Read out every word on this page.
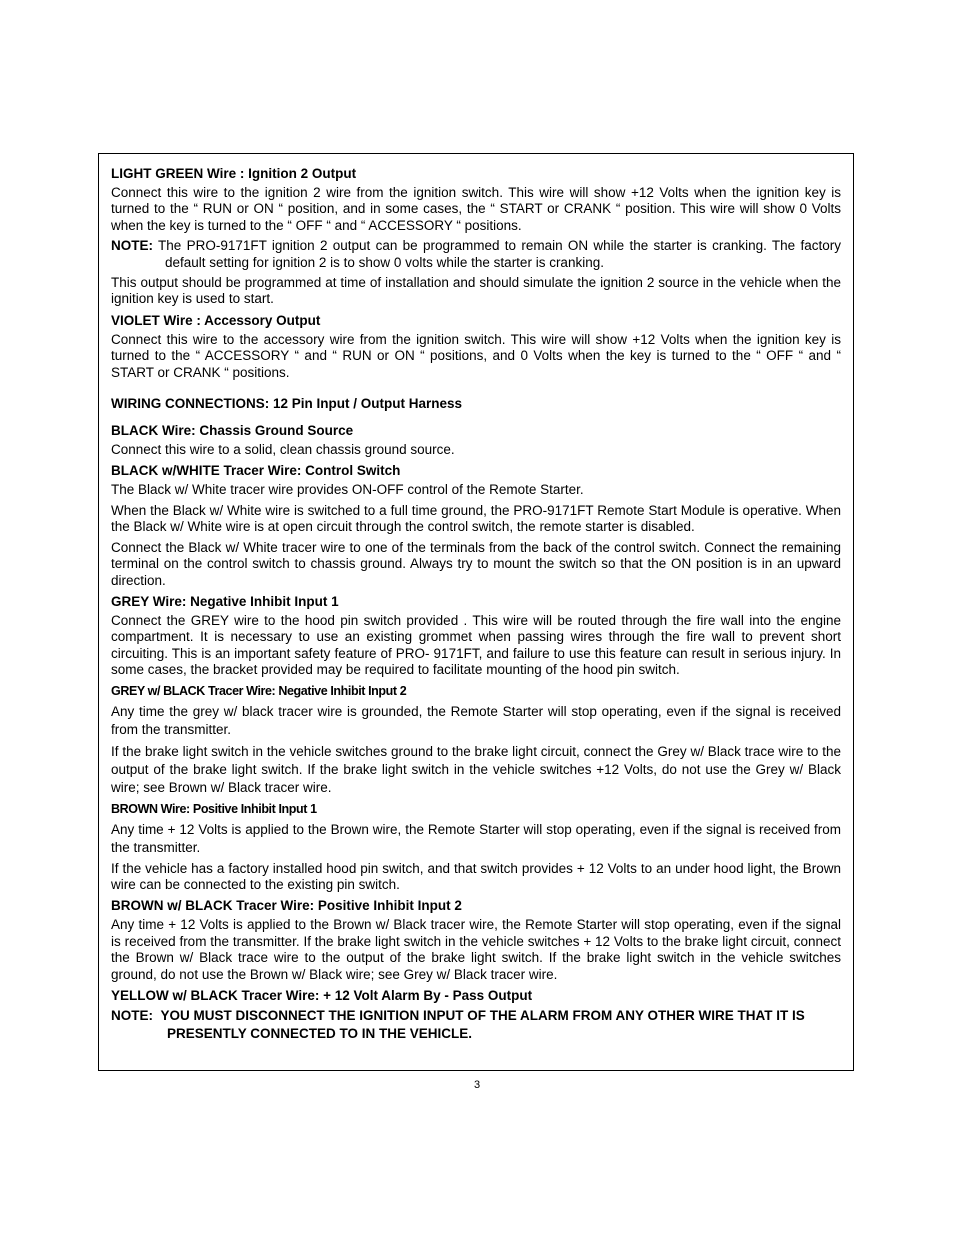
LIGHT GREEN Wire : Ignition 2 Output
Connect this wire to the ignition 2 wire from the ignition switch. This wire will show +12 Volts when the ignition key is turned to the “ RUN or ON “ position, and in some cases, the “ START or CRANK “ position. This wire will show 0 Volts when the key is turned to the “ OFF “ and “ ACCESSORY “ positions.
NOTE: The PRO-9171FT ignition 2 output can be programmed to remain ON while the starter is cranking. The factory default setting for ignition 2 is to show 0 volts while the starter is cranking.
This output should be programmed at time of installation and should simulate the ignition 2 source in the vehicle when the ignition key is used to start.
VIOLET Wire : Accessory Output
Connect this wire to the accessory wire from the ignition switch. This wire will show +12 Volts when the ignition key is turned to the “ ACCESSORY “ and “ RUN or ON “ positions, and 0 Volts when the key is turned to the “ OFF “ and “ START or CRANK “ positions.
WIRING CONNECTIONS: 12 Pin Input / Output Harness
BLACK Wire: Chassis Ground Source
Connect this wire to a solid, clean chassis ground source.
BLACK w/WHITE Tracer Wire: Control Switch
The Black w/ White tracer wire provides ON-OFF control of the Remote Starter.
When the Black w/ White wire is switched to a full time ground, the PRO-9171FT Remote Start Module is operative. When the Black w/ White wire is at open circuit through the control switch, the remote starter is disabled.
Connect the Black w/ White tracer wire to one of the terminals from the back of the control switch. Connect the remaining terminal on the control switch to chassis ground. Always try to mount the switch so that the ON position is in an upward direction.
GREY Wire: Negative Inhibit Input 1
Connect the GREY wire to the hood pin switch provided . This wire will be routed through the fire wall into the engine compartment. It is necessary to use an existing grommet when passing wires through the fire wall to prevent short circuiting. This is an important safety feature of PRO- 9171FT, and failure to use this feature can result in serious injury. In some cases, the bracket provided may be required to facilitate mounting of the hood pin switch.
GREY w/ BLACK Tracer Wire: Negative Inhibit Input 2
Any time the grey w/ black tracer wire is grounded, the Remote Starter will stop operating, even if the signal is received from the transmitter.
If the brake light switch in the vehicle switches ground to the brake light circuit, connect the Grey w/ Black trace wire to the output of the brake light switch. If the brake light switch in the vehicle switches +12 Volts, do not use the Grey w/ Black wire; see Brown w/ Black tracer wire.
BROWN Wire: Positive Inhibit Input 1
Any time + 12 Volts is applied to the Brown wire, the Remote Starter will stop operating, even if the signal is received from the transmitter.
If the vehicle has a factory installed hood pin switch, and that switch provides + 12 Volts to an under hood light, the Brown wire can be connected to the existing pin switch.
BROWN w/ BLACK Tracer Wire: Positive Inhibit Input 2
Any time + 12 Volts is applied to the Brown w/ Black tracer wire, the Remote Starter will stop operating, even if the signal is received from the transmitter. If the brake light switch in the vehicle switches + 12 Volts to the brake light circuit, connect the Brown w/ Black trace wire to the output of the brake light switch. If the brake light switch in the vehicle switches ground, do not use the Brown w/ Black wire; see Grey w/ Black tracer wire.
YELLOW w/ BLACK Tracer Wire: + 12 Volt Alarm By - Pass Output
NOTE: YOU MUST DISCONNECT THE IGNITION INPUT OF THE ALARM FROM ANY OTHER WIRE THAT IT IS PRESENTLY CONNECTED TO IN THE VEHICLE.
3
